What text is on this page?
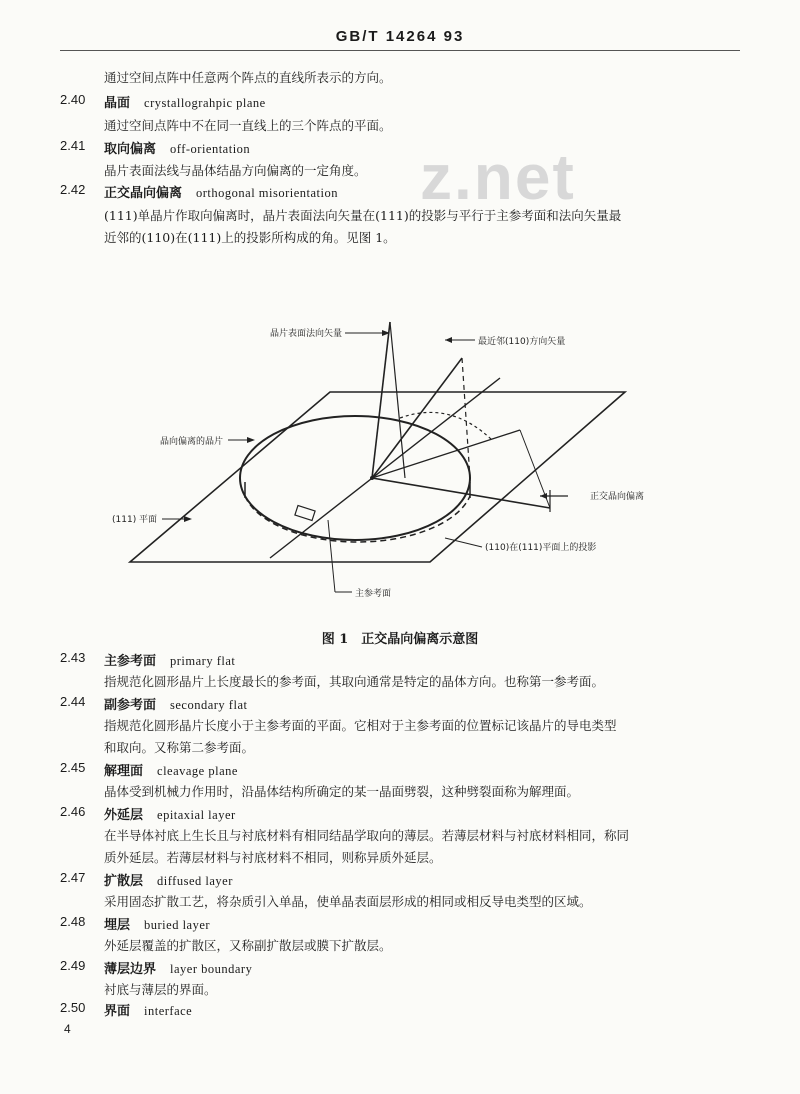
GB/T 14264 93
z.net
通过空间点阵中任意两个阵点的直线所表示的方向。
2.40 晶面 crystallograhpic plane
通过空间点阵中不在同一直线上的三个阵点的平面。
2.41 取向偏离 off-orientation
晶片表面法线与晶体结晶方向偏离的一定角度。
2.42 正交晶向偏离 orthogonal misorientation
(111)单晶片作取向偏离时，晶片表面法向矢量在(111)的投影与平行于主参考面和法向矢量最
近邻的(110)在(111)上的投影所构成的角。见图 1。
晶片表面法向矢量
最近邻(110)方向矢量
晶向偏离的晶片
(111) 平面
正交晶向偏离
(110)在(111)平面上的投影
主参考面
图 1　正交晶向偏离示意图
2.43 主参考面 primary flat
指规范化圆形晶片上长度最长的参考面，其取向通常是特定的晶体方向。也称第一参考面。
2.44 副参考面 secondary flat
指规范化圆形晶片长度小于主参考面的平面。它相对于主参考面的位置标记该晶片的导电类型
和取向。又称第二参考面。
2.45 解理面 cleavage plane
晶体受到机械力作用时，沿晶体结构所确定的某一晶面劈裂，这种劈裂面称为解理面。
2.46 外延层 epitaxial layer
在半导体衬底上生长且与衬底材料有相同结晶学取向的薄层。若薄层材料与衬底材料相同，称同
质外延层。若薄层材料与衬底材料不相同，则称异质外延层。
2.47 扩散层 diffused layer
采用固态扩散工艺，将杂质引入单晶，使单晶表面层形成的相同或相反导电类型的区域。
2.48 埋层 buried layer
外延层覆盖的扩散区，又称副扩散层或膜下扩散层。
2.49 薄层边界 layer boundary
衬底与薄层的界面。
2.50 界面 interface
4
